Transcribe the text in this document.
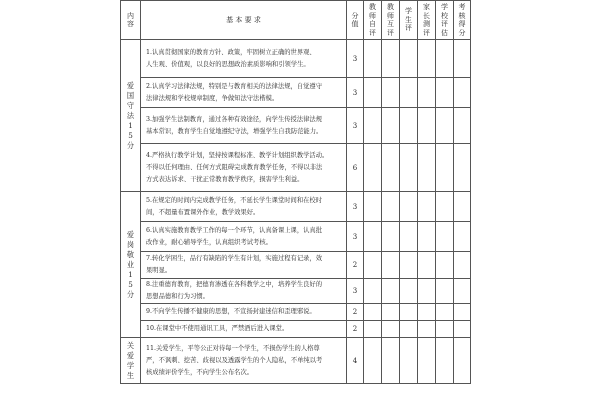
内容	基 本 要 求	分值	教师自评	教师互评	学生评	家长测评	学校评估	考核得分

爱国守法15分	1.认真贯彻国家的教育方针、政策，牢固树立正确的世界观、
人生观、价值观，以良好的思想政治素质影响和引领学生。	3						

	2.认真学习法律法规，特别是与教育相关的法律法规，自觉遵守
法律法规和学校规章制度，争做知法守法楷模。	3						

	3.加强学生法制教育，通过各种有效途径，向学生传授法律法规
基本常识，教育学生自觉地遵纪守法，增强学生自我防范能力。	3						

	4.严格执行教学计划，坚持按课程标准、教学计划组织教学活动。
不得以任何理由、任何方式阻碍完成教育教学任务，不得以非法
方式表达诉求、干扰正常教育教学秩序，损害学生利益。	6						

爱岗敬业15分	5.在规定的时间内完成教学任务，不延长学生课堂时间和在校时
间，不超量布置课外作业，教学效果好。	3						

	6.认真实施教育教学工作的每一个环节，认真备课上课，认真批
改作业，耐心辅导学生，认真组织考试考核。	3						

	7.转化学困生，品行有缺陷的学生有计划，实施过程有记录，效
果明显。	2						

	8.注重德育教育，把德育渗透在各科教学之中，培养学生良好的
思想品德和行为习惯。	3						

	9.不向学生传播不健康的思想，不宣扬封建迷信和歪理邪说。	2						

	10.在课堂中不使用通讯工具，严禁酒后进入课堂。	2						

关爱学生	11.关爱学生，平等公正对待每一个学生，不损伤学生的人格尊
严，不讽刺、挖苦、歧视以及透露学生的个人隐私，不单纯以考
核成绩评价学生，不向学生公布名次。	4						
